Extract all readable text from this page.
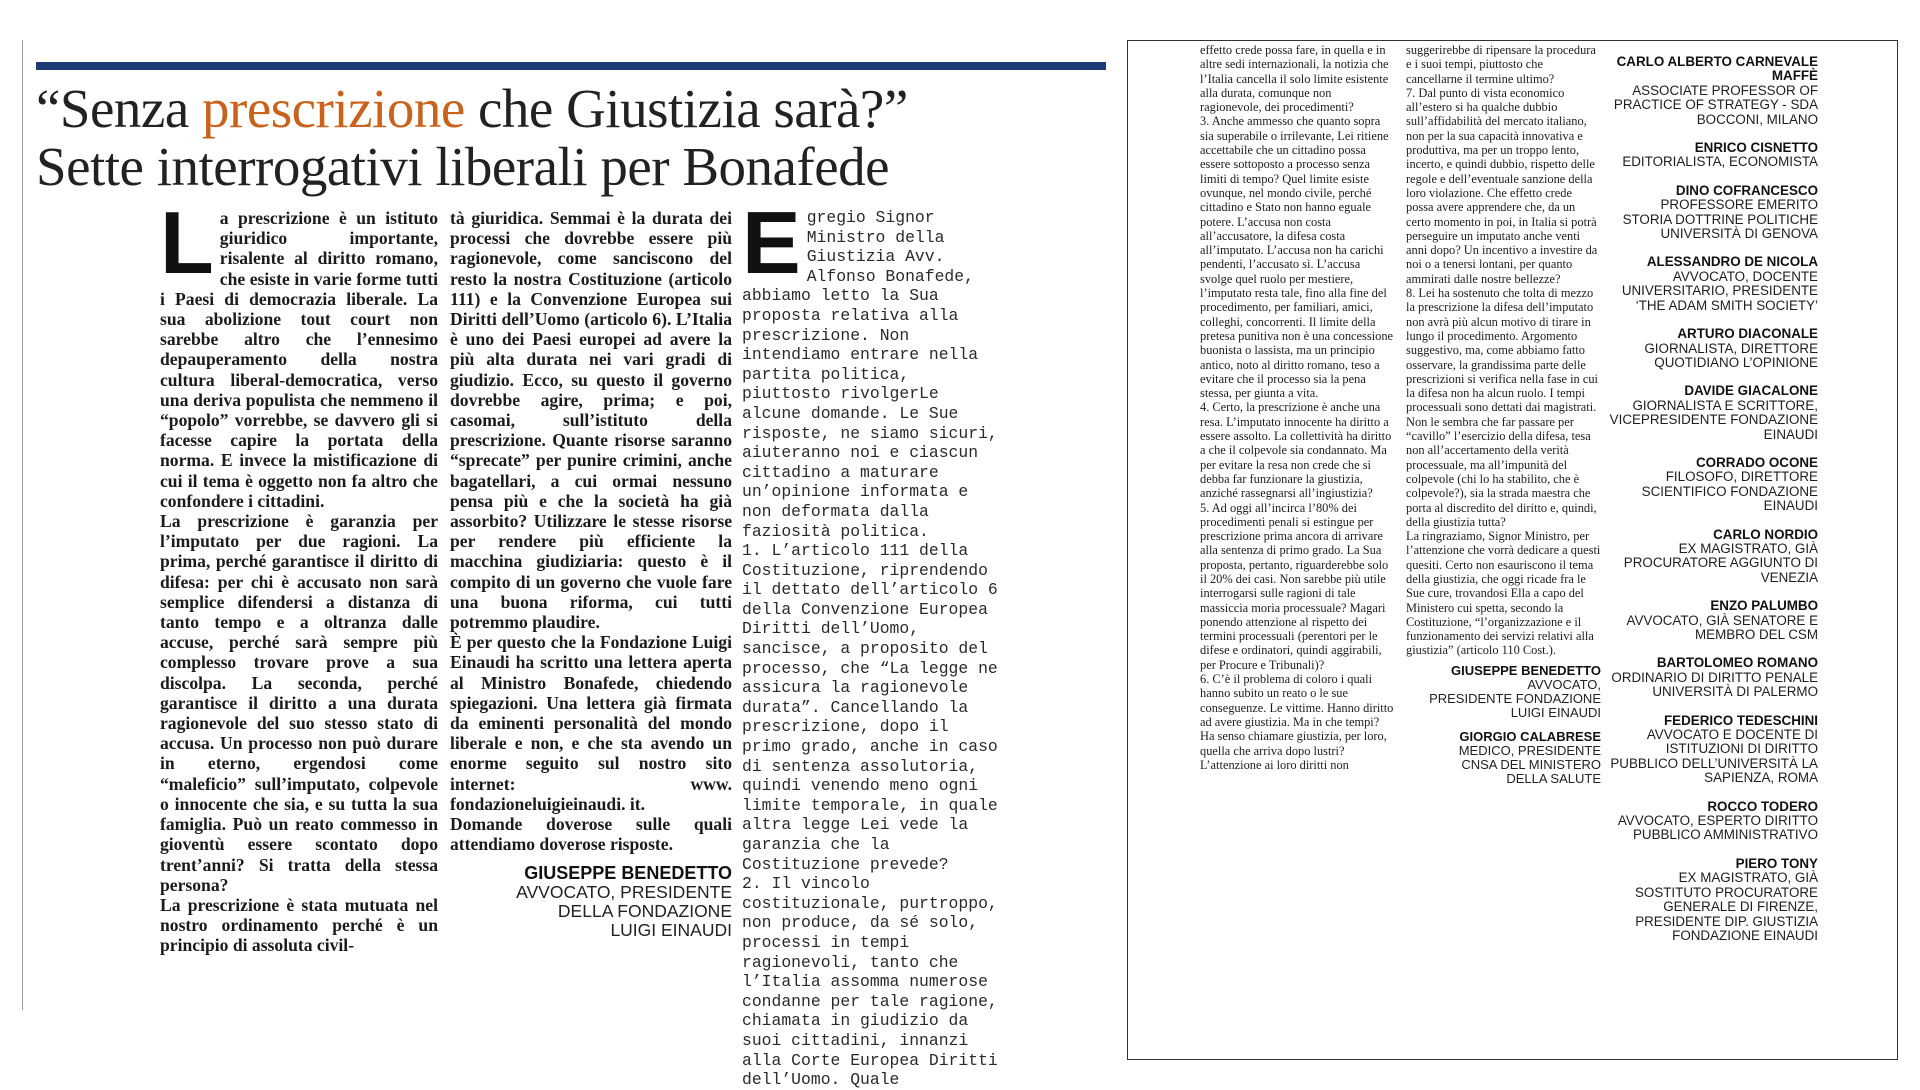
“Senza prescrizione che Giustizia sarà?”
Sette interrogativi liberali per Bonafede

La prescrizione è un istituto giuridico importante, risalente al diritto romano, che esiste in varie forme tutti i Paesi di democrazia liberale. La sua abolizione tout court non sarebbe altro che l’ennesimo depauperamento della nostra cultura liberal-democratica, verso una deriva populista che nemmeno il “popolo” vorrebbe, se davvero gli si facesse capire la portata della norma. E invece la mistificazione di cui il tema è oggetto non fa altro che confondere i cittadini.

La prescrizione è garanzia per l’imputato per due ragioni. La prima, perché garantisce il diritto di difesa: per chi è accusato non sarà semplice difendersi a distanza di tanto tempo e a oltranza dalle accuse, perché sarà sempre più complesso trovare prove a sua discolpa. La seconda, perché garantisce il diritto a una durata ragionevole del suo stesso stato di accusa. Un processo non può durare in eterno, ergendosi come “maleficio” sull’imputato, colpevole o innocente che sia, e su tutta la sua famiglia. Può un reato commesso in gioventù essere scontato dopo trent’anni? Si tratta della stessa persona?

La prescrizione è stata mutuata nel nostro ordinamento perché è un principio di assoluta civil-

tà giuridica. Semmai è la durata dei processi che dovrebbe essere più ragionevole, come sanciscono del resto la nostra Costituzione (articolo 111) e la Convenzione Europea sui Diritti dell’Uomo (articolo 6). L’Italia è uno dei Paesi europei ad avere la più alta durata nei vari gradi di giudizio. Ecco, su questo il governo dovrebbe agire, prima; e poi, casomai, sull’istituto della prescrizione. Quante risorse saranno “sprecate” per punire crimini, anche bagatellari, a cui ormai nessuno pensa più e che la società ha già assorbito? Utilizzare le stesse risorse per rendere più efficiente la macchina giudiziaria: questo è il compito di un governo che vuole fare una buona riforma, cui tutti potremmo plaudire.

È per questo che la Fondazione Luigi Einaudi ha scritto una lettera aperta al Ministro Bonafede, chiedendo spiegazioni. Una lettera già firmata da eminenti personalità del mondo liberale e non, e che sta avendo un enorme seguito sul nostro sito internet: www. fondazioneluigieinaudi. it.

Domande doverose sulle quali attendiamo doverose risposte.

GIUSEPPE BENEDETTO
AVVOCATO, PRESIDENTE
DELLA FONDAZIONE
LUIGI EINAUDI

Egregio Signor Ministro della Giustizia Avv. Alfonso Bonafede, abbiamo letto la Sua proposta relativa alla prescrizione. Non intendiamo entrare nella partita politica, piuttosto rivolgerLe alcune domande. Le Sue risposte, ne siamo sicuri, aiuteranno noi e ciascun cittadino a maturare un’opinione informata e non deformata dalla faziosità politica.

1. L’articolo 111 della Costituzione, riprendendo il dettato dell’articolo 6 della Convenzione Europea Diritti dell’Uomo, sancisce, a proposito del processo, che “La legge ne assicura la ragionevole durata”. Cancellando la prescrizione, dopo il primo grado, anche in caso di sentenza assolutoria, quindi venendo meno ogni limite temporale, in quale altra legge Lei vede la garanzia che la Costituzione prevede?

2. Il vincolo costituzionale, purtroppo, non produce, da sé solo, processi in tempi ragionevoli, tanto che l’Italia assomma numerose condanne per tale ragione, chiamata in giudizio da suoi cittadini, innanzi alla Corte Europea Diritti dell’Uomo. Quale

effetto crede possa fare, in quella e in altre sedi internazionali, la notizia che l’Italia cancella il solo limite esistente alla durata, comunque non ragionevole, dei procedimenti?

3. Anche ammesso che quanto sopra sia superabile o irrilevante, Lei ritiene accettabile che un cittadino possa essere sottoposto a processo senza limiti di tempo? Quel limite esiste ovunque, nel mondo civile, perché cittadino e Stato non hanno eguale potere. L’accusa non costa all’accusatore, la difesa costa all’imputato. L’accusa non ha carichi pendenti, l’accusato sì. L’accusa svolge quel ruolo per mestiere, l’imputato resta tale, fino alla fine del procedimento, per familiari, amici, colleghi, concorrenti. Il limite della pretesa punitiva non è una concessione buonista o lassista, ma un principio antico, noto al diritto romano, teso a evitare che il processo sia la pena stessa, per giunta a vita.

4. Certo, la prescrizione è anche una resa. L’imputato innocente ha diritto a essere assolto. La collettività ha diritto a che il colpevole sia condannato. Ma per evitare la resa non crede che si debba far funzionare la giustizia, anziché rassegnarsi all’ingiustizia?

5. Ad oggi all’incirca l’80% dei procedimenti penali si estingue per prescrizione prima ancora di arrivare alla sentenza di primo grado. La Sua proposta, pertanto, riguarderebbe solo il 20% dei casi. Non sarebbe più utile interrogarsi sulle ragioni di tale massiccia moria processuale? Magari ponendo attenzione al rispetto dei termini processuali (perentori per le difese e ordinatori, quindi aggirabili, per Procure e Tribunali)?

6. C’è il problema di coloro i quali hanno subito un reato o le sue conseguenze. Le vittime. Hanno diritto ad avere giustizia. Ma in che tempi? Ha senso chiamare giustizia, per loro, quella che arriva dopo lustri? L’attenzione ai loro diritti non

suggerirebbe di ripensare la procedura e i suoi tempi, piuttosto che cancellarne il termine ultimo?

7. Dal punto di vista economico all’estero si ha qualche dubbio sull’affidabilità del mercato italiano, non per la sua capacità innovativa e produttiva, ma per un troppo lento, incerto, e quindi dubbio, rispetto delle regole e dell’eventuale sanzione della loro violazione. Che effetto crede possa avere apprendere che, da un certo momento in poi, in Italia si potrà perseguire un imputato anche venti anni dopo? Un incentivo a investire da noi o a tenersi lontani, per quanto ammirati dalle nostre bellezze?

8. Lei ha sostenuto che tolta di mezzo la prescrizione la difesa dell’imputato non avrà più alcun motivo di tirare in lungo il procedimento. Argomento suggestivo, ma, come abbiamo fatto osservare, la grandissima parte delle prescrizioni si verifica nella fase in cui la difesa non ha alcun ruolo. I tempi processuali sono dettati dai magistrati. Non le sembra che far passare per “cavillo” l’esercizio della difesa, tesa non all’accertamento della verità processuale, ma all’impunità del colpevole (chi lo ha stabilito, che è colpevole?), sia la strada maestra che porta al discredito del diritto e, quindi, della giustizia tutta?

La ringraziamo, Signor Ministro, per l’attenzione che vorrà dedicare a questi quesiti. Certo non esauriscono il tema della giustizia, che oggi ricade fra le Sue cure, trovandosi Ella a capo del Ministero cui spetta, secondo la Costituzione, “l’organizzazione e il funzionamento dei servizi relativi alla giustizia” (articolo 110 Cost.).

GIUSEPPE BENEDETTO
AVVOCATO,
PRESIDENTE FONDAZIONE
LUIGI EINAUDI
GIORGIO CALABRESE
MEDICO, PRESIDENTE
CNSA DEL MINISTERO
DELLA SALUTE
CARLO ALBERTO CARNEVALE MAFFÈ
ASSOCIATE PROFESSOR OF PRACTICE OF STRATEGY - SDA BOCCONI, MILANO
ENRICO CISNETTO
EDITORIALISTA, ECONOMISTA
DINO COFRANCESCO
PROFESSORE EMERITO STORIA DOTTRINE POLITICHE UNIVERSITÀ DI GENOVA
ALESSANDRO DE NICOLA
AVVOCATO, DOCENTE UNIVERSITARIO, PRESIDENTE ‘THE ADAM SMITH SOCIETY’
ARTURO DIACONALE
GIORNALISTA, DIRETTORE QUOTIDIANO L’OPINIONE
DAVIDE GIACALONE
GIORNALISTA E SCRITTORE, VICEPRESIDENTE FONDAZIONE EINAUDI
CORRADO OCONE
FILOSOFO, DIRETTORE SCIENTIFICO FONDAZIONE EINAUDI
CARLO NORDIO
EX MAGISTRATO, GIÀ PROCURATORE AGGIUNTO DI VENEZIA
ENZO PALUMBO
AVVOCATO, GIÀ SENATORE E MEMBRO DEL CSM
BARTOLOMEO ROMANO
ORDINARIO DI DIRITTO PENALE UNIVERSITÀ DI PALERMO
FEDERICO TEDESCHINI
AVVOCATO E DOCENTE DI ISTITUZIONI DI DIRITTO PUBBLICO DELL’UNIVERSITÀ LA SAPIENZA, ROMA
ROCCO TODERO
AVVOCATO, ESPERTO DIRITTO PUBBLICO AMMINISTRATIVO
PIERO TONY
EX MAGISTRATO, GIÀ SOSTITUTO PROCURATORE GENERALE DI FIRENZE, PRESIDENTE DIP. GIUSTIZIA FONDAZIONE EINAUDI
